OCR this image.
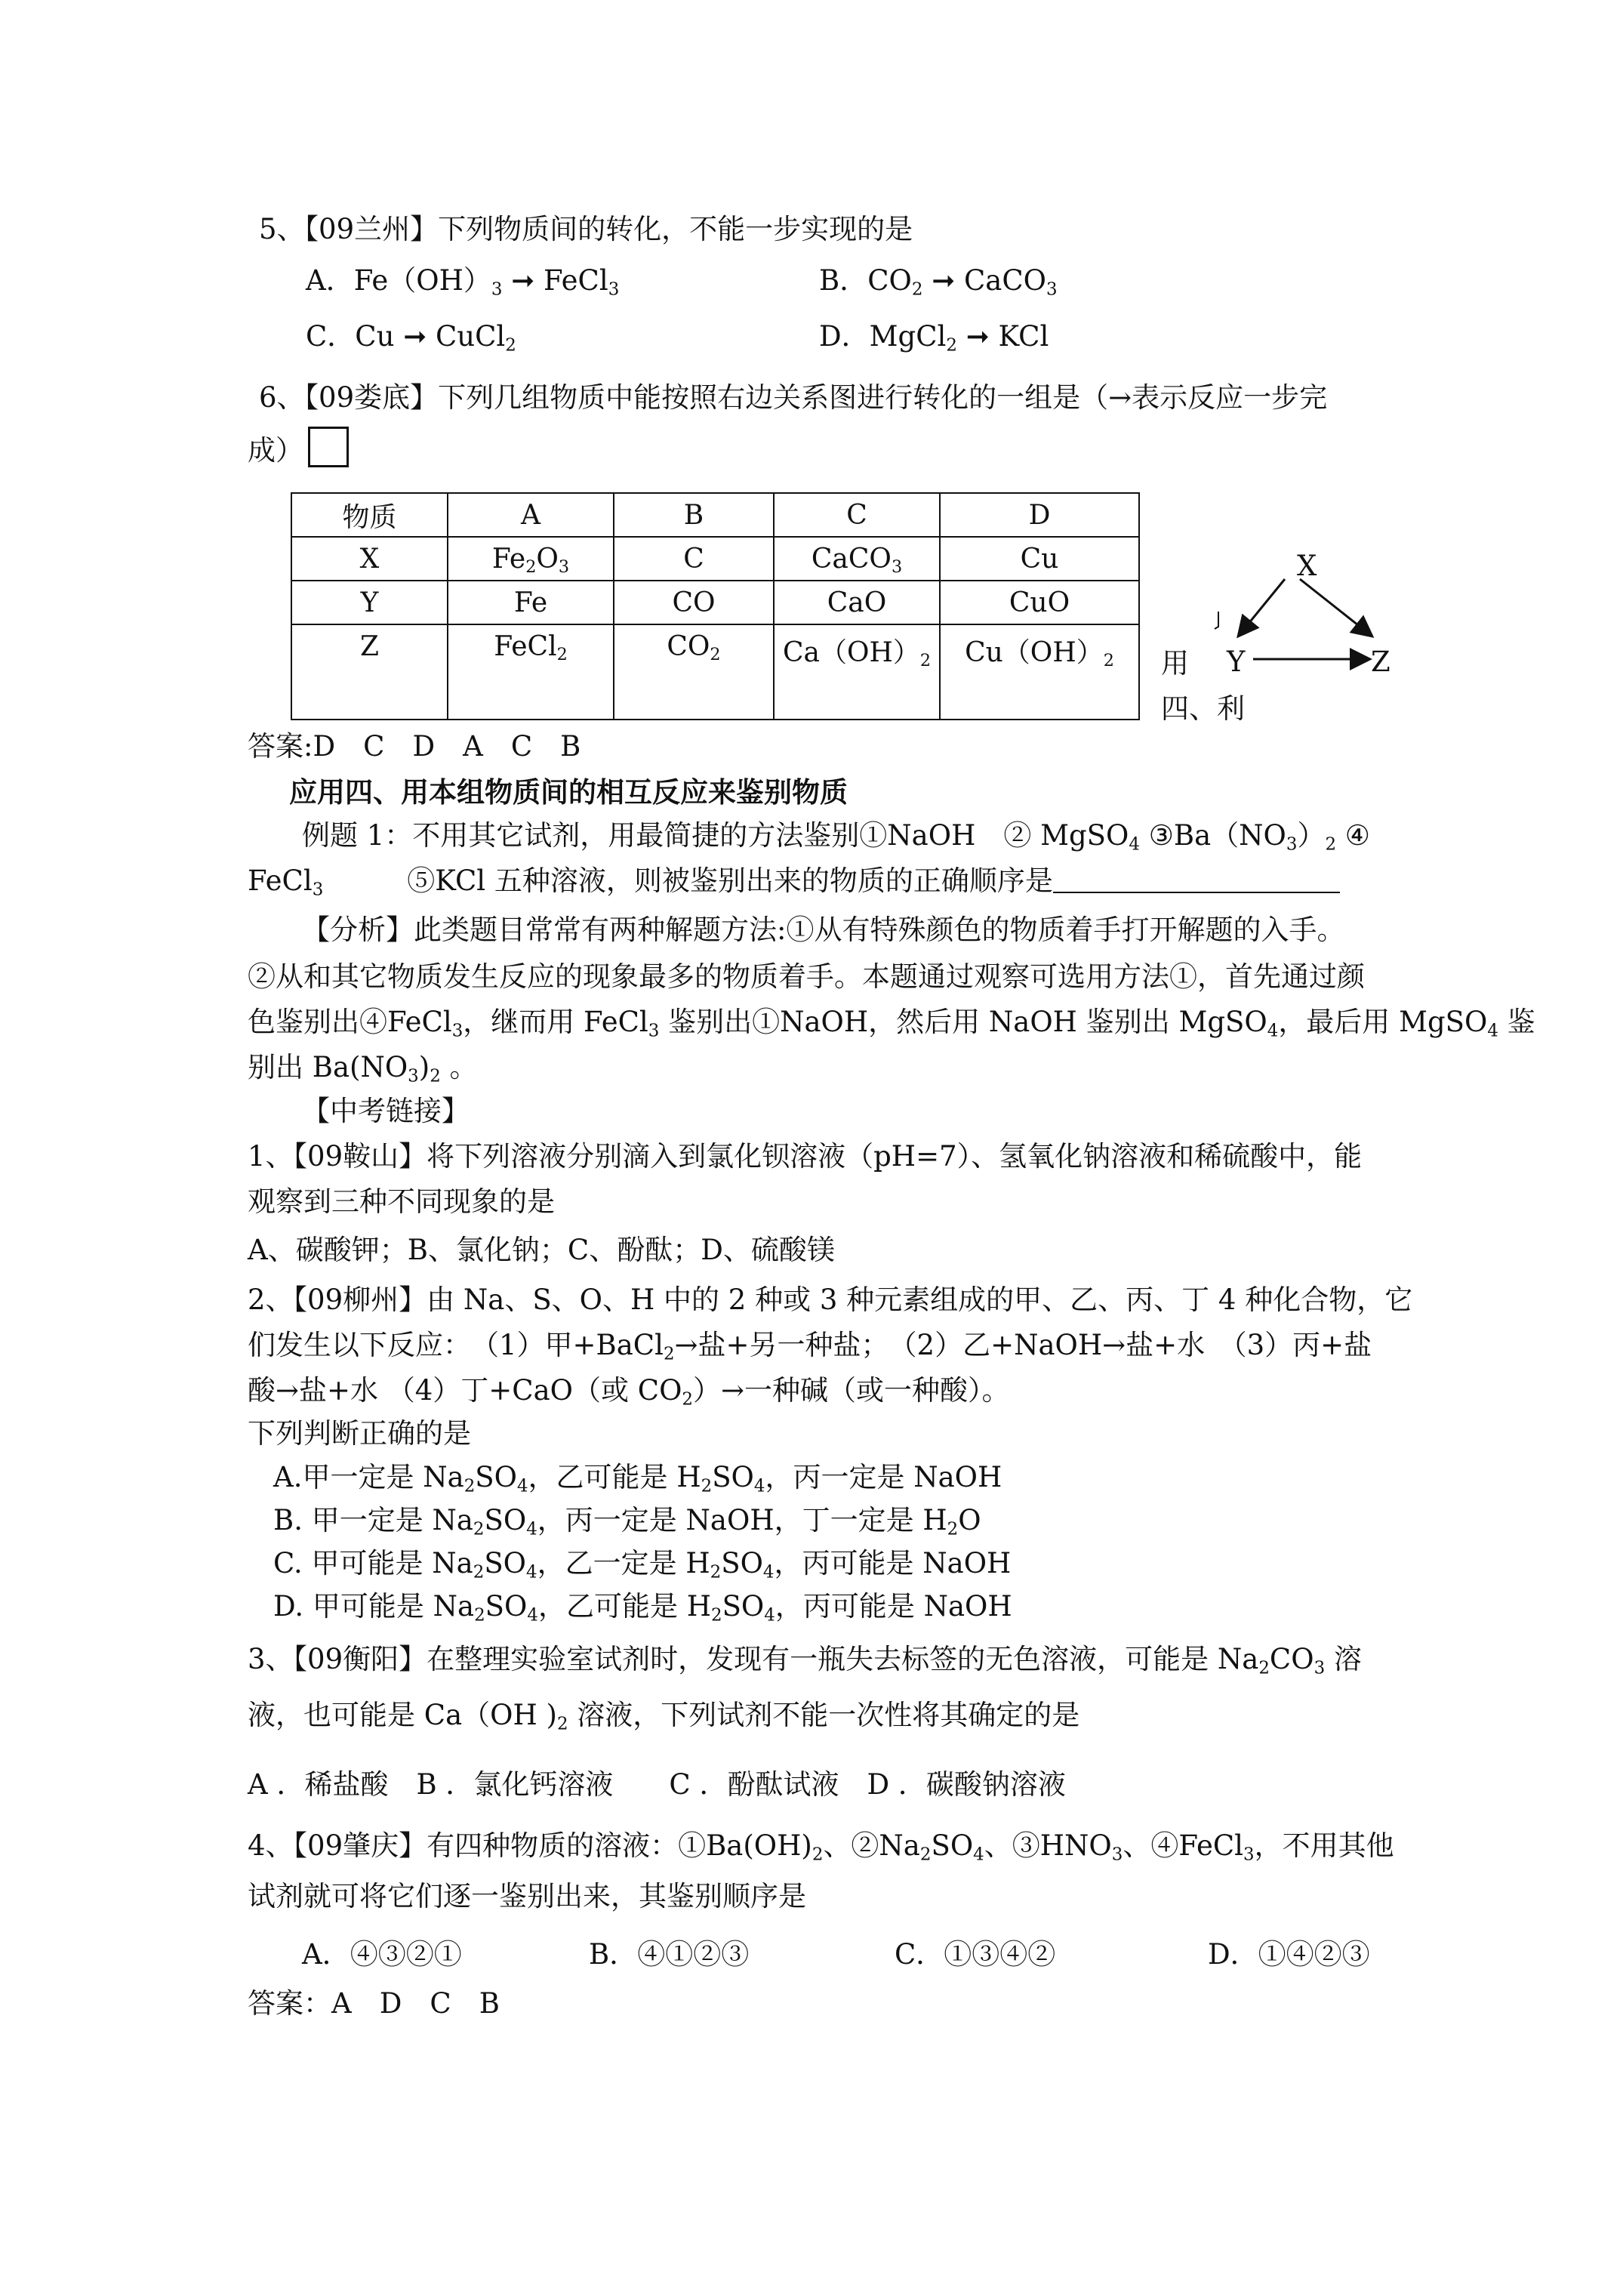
5、【09兰州】下列物质间的转化，不能一步实现的是
A．$Fe(OH)_3$ ➞ FeCl$_3$	B．$CO_2$ ➞ CaCO$_3$
C．Cu ➞ CuCl$_2$	D．MgCl$_2$ ➞ KCl
6、【09娄底】下列几组物质中能按照右边关系图进行转化的一组是（→表示反应一步完
成）
物质	A	B	C	D
X	$Fe_2O_3$	C	CaCO$_3$	Cu
Y	Fe	CO	CaO	CuO
Z	FeCl$_2$	$CO_2$	$Ca(OH)_2$	$Cu(OH)_2$
X
Y	Z
用
四、利
答案:D　C　D　A　C　B
应用四、用本组物质间的相互反应来鉴别物质
例题 1：不用其它试剂，用最简捷的方法鉴别①NaOH　② MgSO$_4$ $③Ba(NO_3)_2$ ④
FeCl$_3$　　　⑤KCl 五种溶液，则被鉴别出来的物质的正确顺序是
【分析】此类题目常常有两种解题方法:①从有特殊颜色的物质着手打开解题的入手。
②从和其它物质发生反应的现象最多的物质着手。本题通过观察可选用方法①，首先通过颜
色鉴别出④FeCl$_3$，继而用 FeCl$_3$ 鉴别出①NaOH，然后用 NaOH 鉴别出 MgSO$_4$，最后用 MgSO$_4$ 鉴
别出 $Ba(NO_3)_2$ 。
【中考链接】
1、【09鞍山】将下列溶液分别滴入到氯化钡溶液（pH=7）、氢氧化钠溶液和稀硫酸中，能
观察到三种不同现象的是
A、碳酸钾；B、氯化钠；C、酚酞；D、硫酸镁
2、【09柳州】由 Na、S、O、H 中的 2 种或 3 种元素组成的甲、乙、丙、丁 4 种化合物，它
们发生以下反应：　（1）甲+BaCl$_2$→盐+另一种盐；　（2）乙+NaOH→盐+水　（3）丙+盐
酸→盐+水 （4）丁+CaO（或 $CO_2)\to$一种碱（或一种酸）。
下列判断正确的是
A.甲一定是 $Na_2SO_4$，乙可能是 $H_2SO_4$，丙一定是 NaOH
B. 甲一定是 $Na_2SO_4$，丙一定是 NaOH，丁一定是 $H_2O$
C. 甲可能是 $Na_2SO_4$，乙一定是 $H_2SO_4$，丙可能是 NaOH
D. 甲可能是 $Na_2SO_4$，乙可能是 $H_2SO_4$，丙可能是 NaOH
3、【09衡阳】在整理实验室试剂时，发现有一瓶失去标签的无色溶液，可能是 $Na_2CO_3$ 溶
液，也可能是 Ca（OH )$_2$ 溶液，下列试剂不能一次性将其确定的是
A ．稀盐酸　B ．氯化钙溶液　　C ．酚酞试液　D ．碳酸钠溶液
4、【09肇庆】有四种物质的溶液：$①Ba(OH)_2$、$②Na_2SO_4$、$③HNO_3$、④FeCl$_3$，不用其他
试剂就可将它们逐一鉴别出来，其鉴别顺序是
A．④③②①	B．④①②③	C．①③④②	D．①④②③
答案：A　D　C　B
